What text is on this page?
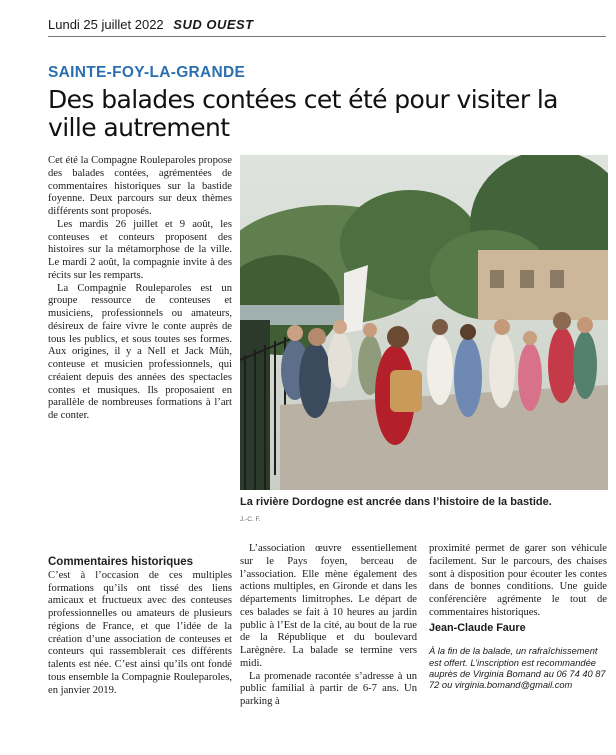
Lundi 25 juillet 2022 SUD OUEST
SAINTE-FOY-LA-GRANDE
Des balades contées cet été pour visiter la ville autrement

Cet été la Compagne Rouleparoles propose des balades contées, agrémentées de commentaires historiques sur la bastide foyenne. Deux parcours sur deux thèmes différents sont proposés.

Les mardis 26 juillet et 9 août, les conteuses et conteurs proposent des histoires sur la métamorphose de la ville. Le mardi 2 août, la compagnie invite à des récits sur les remparts.

La Compagnie Rouleparoles est un groupe ressource de conteuses et musiciens, professionnels ou amateurs, désireux de faire vivre le conte auprès de tous les publics, et sous toutes ses formes. Aux origines, il y a Nell et Jack Müh, conteuse et musicien professionnels, qui créaient depuis des années des spectacles contes et musiques. Ils proposaient en parallèle de nombreuses formations à l’art de conter.

Commentaires historiques

C’est à l’occasion de ces multiples formations qu’ils ont tissé des liens amicaux et fructueux avec des conteuses professionnelles ou amateurs de plusieurs régions de France, et que l’idée de la création d’une association de conteuses et conteurs qui rassemblerait ces différents talents est née. C’est ainsi qu’ils ont fondé tous ensemble la Compagnie Rouleparoles, en janvier 2019.

La rivière Dordogne est ancrée dans l’histoire de la bastide.
J.-C. F.

L’association œuvre essentiellement sur le Pays foyen, berceau de l’association. Elle mène également des actions multiples, en Gironde et dans les départements limitrophes. Le départ de ces balades se fait à 10 heures au jardin public à l’Est de la cité, au bout de la rue de la République et du boulevard Larègnère. La balade se termine vers midi.

La promenade racontée s’adresse à un public familial à partir de 6-7 ans. Un parking à

proximité permet de garer son véhicule facilement. Sur le parcours, des chaises sont à disposition pour écouter les contes dans de bonnes conditions. Une guide conférencière agrémente le tout de commentaires historiques.

Jean-Claude Faure
À la fin de la balade, un rafraîchissement est offert. L’inscription est recommandée auprès de Virginia Bomand au 06 74 40 87 72 ou virginia.bomand@gmail.com
